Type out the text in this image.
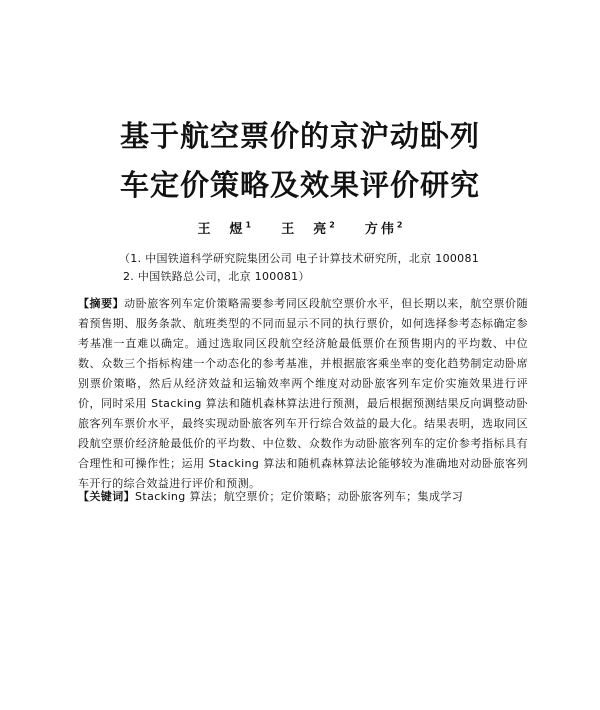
基于航空票价的京沪动卧列
车定价策略及效果评价研究
王　煜$^1$ 王　亮$^2$ 方伟$^2$
（1. 中国铁道科学研究院集团公司 电子计算技术研究所，北京 100081
2. 中国铁路总公司，北京 100081）
【摘要】动卧旅客列车定价策略需要参考同区段航空票价水平，但长期以来，航空票价随着预售期、服务条款、航班类型的不同而显示不同的执行票价，如何选择参考态标确定参考基准一直难以确定。通过选取同区段航空经济舱最低票价在预售期内的平均数、中位数、众数三个指标构建一个动态化的参考基准，并根据旅客乘坐率的变化趋势制定动卧席别票价策略，然后从经济效益和运输效率两个维度对动卧旅客列车定价实施效果进行评价，同时采用 Stacking 算法和随机森林算法进行预测，最后根据预测结果反向调整动卧旅客列车票价水平，最终实现动卧旅客列车开行综合效益的最大化。结果表明，选取同区段航空票价经济舱最低价的平均数、中位数、众数作为动卧旅客列车的定价参考指标具有合理性和可操作性；运用 Stacking 算法和随机森林算法论能够较为准确地对动卧旅客列车开行的综合效益进行评价和预测。
【关键词】Stacking 算法；航空票价；定价策略；动卧旅客列车；集成学习
